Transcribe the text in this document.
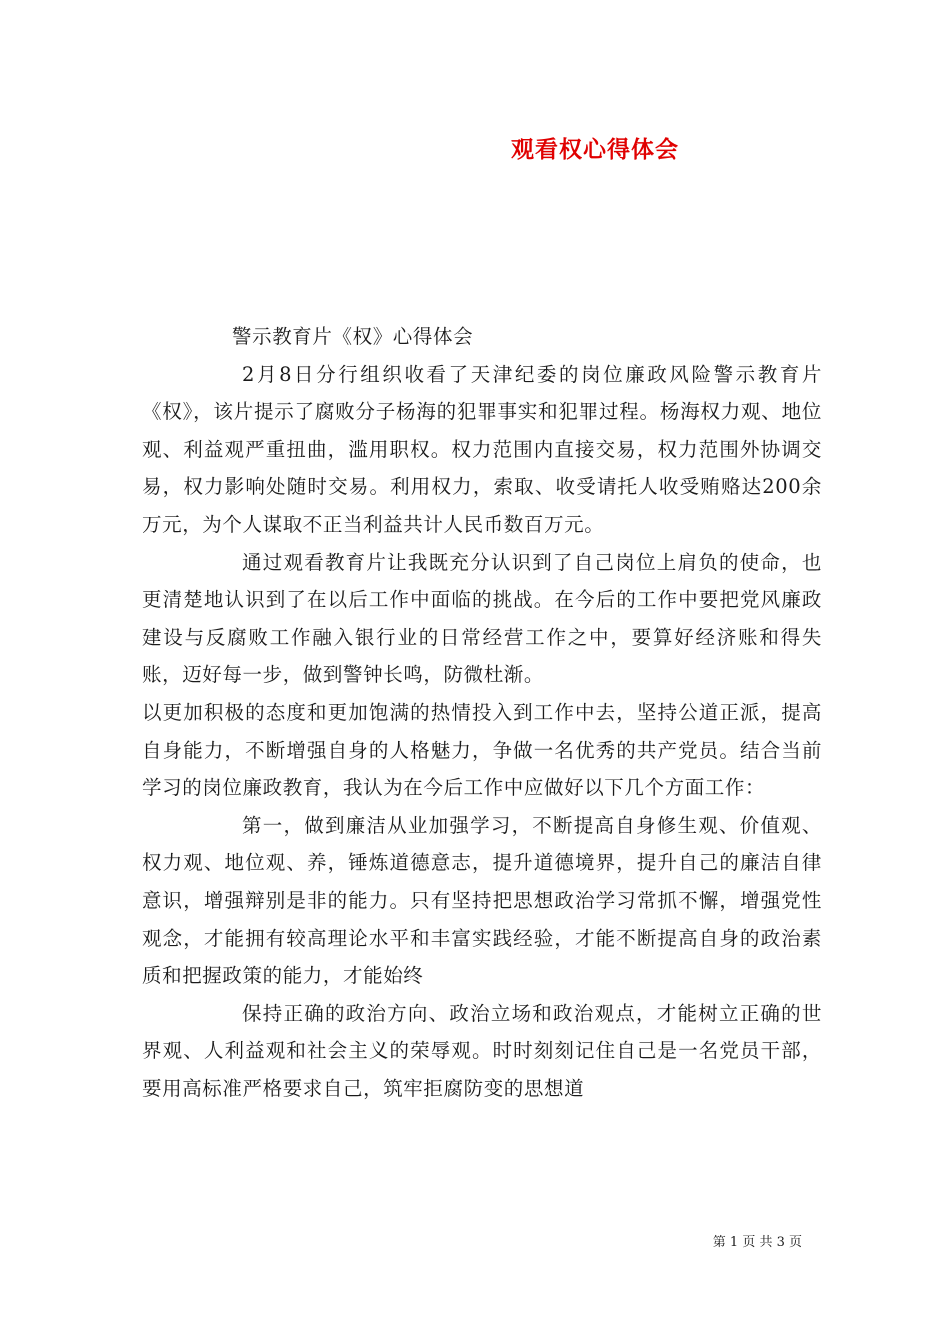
观看权心得体会

警示教育片《权》心得体会

2月8日分行组织收看了天津纪委的岗位廉政风险警示教育片《权》，该片提示了腐败分子杨海的犯罪事实和犯罪过程。杨海权力观、地位观、利益观严重扭曲，滥用职权。权力范围内直接交易，权力范围外协调交易，权力影响处随时交易。利用权力，索取、收受请托人收受贿赂达200余万元，为个人谋取不正当利益共计人民币数百万元。

通过观看教育片让我既充分认识到了自己岗位上肩负的使命，也更清楚地认识到了在以后工作中面临的挑战。在今后的工作中要把党风廉政建设与反腐败工作融入银行业的日常经营工作之中，要算好经济账和得失账，迈好每一步，做到警钟长鸣，防微杜渐。

以更加积极的态度和更加饱满的热情投入到工作中去，坚持公道正派，提高自身能力，不断增强自身的人格魅力，争做一名优秀的共产党员。结合当前学习的岗位廉政教育，我认为在今后工作中应做好以下几个方面工作：

第一，做到廉洁从业加强学习，不断提高自身修生观、价值观、权力观、地位观、养，锤炼道德意志，提升道德境界，提升自己的廉洁自律意识，增强辩别是非的能力。只有坚持把思想政治学习常抓不懈，增强党性观念，才能拥有较高理论水平和丰富实践经验，才能不断提高自身的政治素质和把握政策的能力，才能始终

保持正确的政治方向、政治立场和政治观点，才能树立正确的世界观、人利益观和社会主义的荣辱观。时时刻刻记住自己是一名党员干部，要用高标准严格要求自己，筑牢拒腐防变的思想道

第 1 页 共 3 页
